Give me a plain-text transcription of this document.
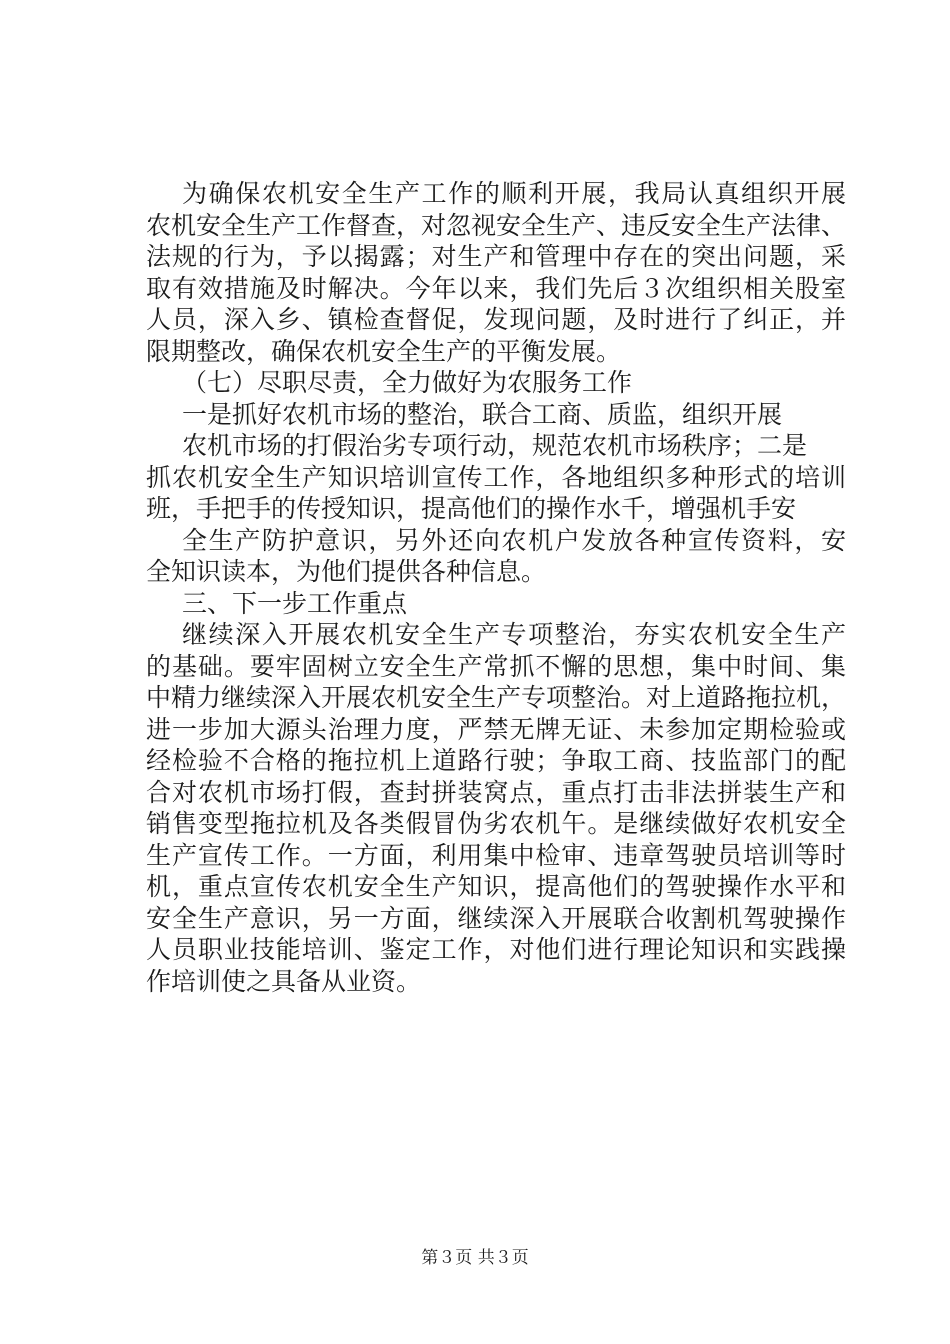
为确保农机安全生产工作的顺利开展，我局认真组织开展
农机安全生产工作督查，对忽视安全生产、违反安全生产法律、
法规的行为，予以揭露；对生产和管理中存在的突出问题，采
取有效措施及时解决。今年以来，我们先后３次组织相关股室
人员，深入乡、镇检查督促，发现问题，及时进行了纠正，并
限期整改，确保农机安全生产的平衡发展。
（七）尽职尽责，全力做好为农服务工作
一是抓好农机市场的整治，联合工商、质监，组织开展
农机市场的打假治劣专项行动，规范农机市场秩序；二是
抓农机安全生产知识培训宣传工作，各地组织多种形式的培训
班，手把手的传授知识，提高他们的操作水千，增强机手安
全生产防护意识，另外还向农机户发放各种宣传资料，安
全知识读本，为他们提供各种信息。
三、下一步工作重点
继续深入开展农机安全生产专项整治，夯实农机安全生产
的基础。要牢固树立安全生产常抓不懈的思想，集中时间、集
中精力继续深入开展农机安全生产专项整治。对上道路拖拉机，
进一步加大源头治理力度，严禁无牌无证、未参加定期检验或
经检验不合格的拖拉机上道路行驶；争取工商、技监部门的配
合对农机市场打假，查封拼装窝点，重点打击非法拼装生产和
销售变型拖拉机及各类假冒伪劣农机午。是继续做好农机安全
生产宣传工作。一方面，利用集中检审、违章驾驶员培训等时
机，重点宣传农机安全生产知识，提高他们的驾驶操作水平和
安全生产意识，另一方面，继续深入开展联合收割机驾驶操作
人员职业技能培训、鉴定工作，对他们进行理论知识和实践操
作培训使之具备从业资。
第３页 共３页
